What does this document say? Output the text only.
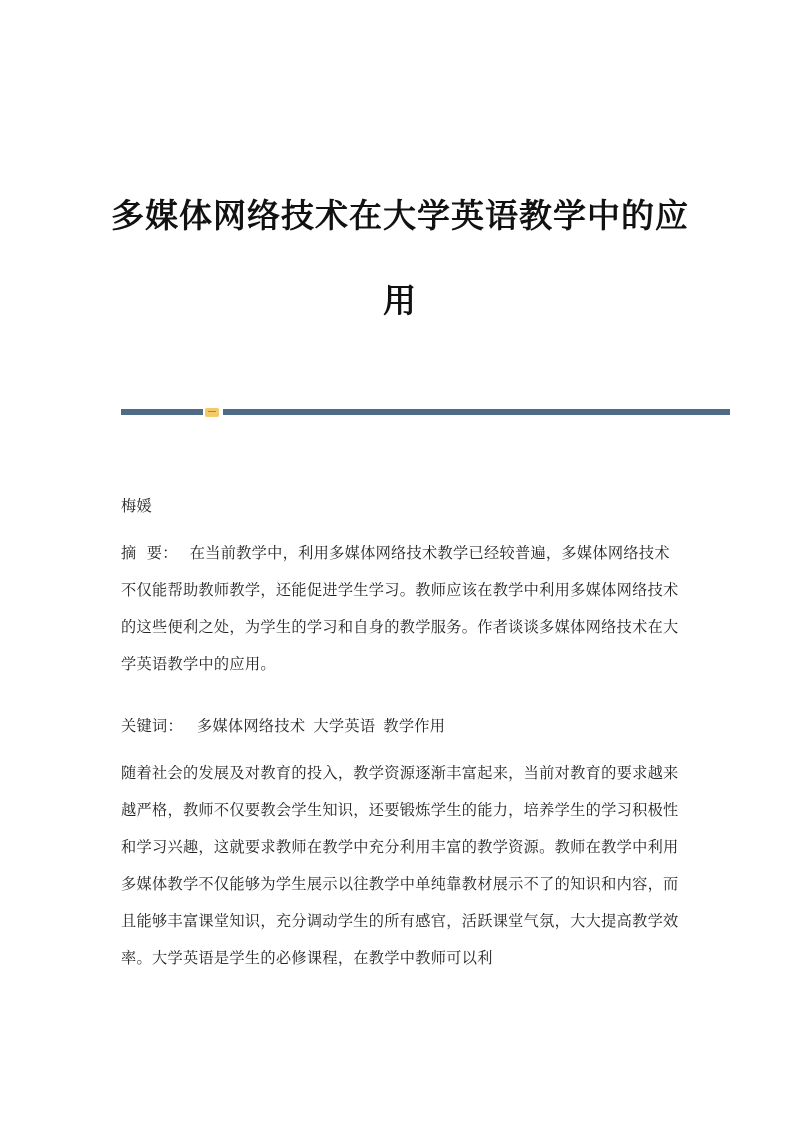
多媒体网络技术在大学英语教学中的应
用
梅媛
摘  要： 在当前教学中，利用多媒体网络技术教学已经较普遍，多媒体网络技术不仅能帮助教师教学，还能促进学生学习。教师应该在教学中利用多媒体网络技术的这些便利之处，为学生的学习和自身的教学服务。作者谈谈多媒体网络技术在大学英语教学中的应用。
关键词： 多媒体网络技术 大学英语 教学作用
随着社会的发展及对教育的投入，教学资源逐渐丰富起来，当前对教育的要求越来越严格，教师不仅要教会学生知识，还要锻炼学生的能力，培养学生的学习积极性和学习兴趣，这就要求教师在教学中充分利用丰富的教学资源。教师在教学中利用多媒体教学不仅能够为学生展示以往教学中单纯靠教材展示不了的知识和内容，而且能够丰富课堂知识，充分调动学生的所有感官，活跃课堂气氛，大大提高教学效率。大学英语是学生的必修课程，在教学中教师可以利
